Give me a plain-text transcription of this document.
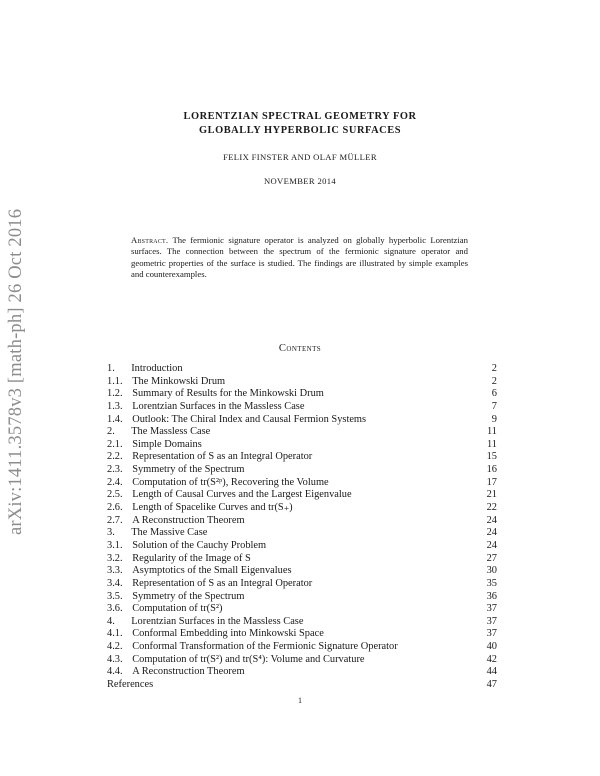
arXiv:1411.3578v3 [math-ph] 26 Oct 2016
LORENTZIAN SPECTRAL GEOMETRY FOR
GLOBALLY HYPERBOLIC SURFACES
FELIX FINSTER AND OLAF MÜLLER
NOVEMBER 2014
Abstract. The fermionic signature operator is analyzed on globally hyperbolic Lorentzian surfaces. The connection between the spectrum of the fermionic signature operator and geometric properties of the surface is studied. The findings are illustrated by simple examples and counterexamples.
Contents
1. Introduction	2
1.1. The Minkowski Drum	2
1.2. Summary of Results for the Minkowski Drum	6
1.3. Lorentzian Surfaces in the Massless Case	7
1.4. Outlook: The Chiral Index and Causal Fermion Systems	9
2. The Massless Case	11
2.1. Simple Domains	11
2.2. Representation of S as an Integral Operator	15
2.3. Symmetry of the Spectrum	16
2.4. Computation of tr(S²ᵖ), Recovering the Volume	17
2.5. Length of Causal Curves and the Largest Eigenvalue	21
2.6. Length of Spacelike Curves and tr(S₊)	22
2.7. A Reconstruction Theorem	24
3. The Massive Case	24
3.1. Solution of the Cauchy Problem	24
3.2. Regularity of the Image of S	27
3.3. Asymptotics of the Small Eigenvalues	30
3.4. Representation of S as an Integral Operator	35
3.5. Symmetry of the Spectrum	36
3.6. Computation of tr(S²)	37
4. Lorentzian Surfaces in the Massless Case	37
4.1. Conformal Embedding into Minkowski Space	37
4.2. Conformal Transformation of the Fermionic Signature Operator	40
4.3. Computation of tr(S²) and tr(S⁴): Volume and Curvature	42
4.4. A Reconstruction Theorem	44
References	47
1
